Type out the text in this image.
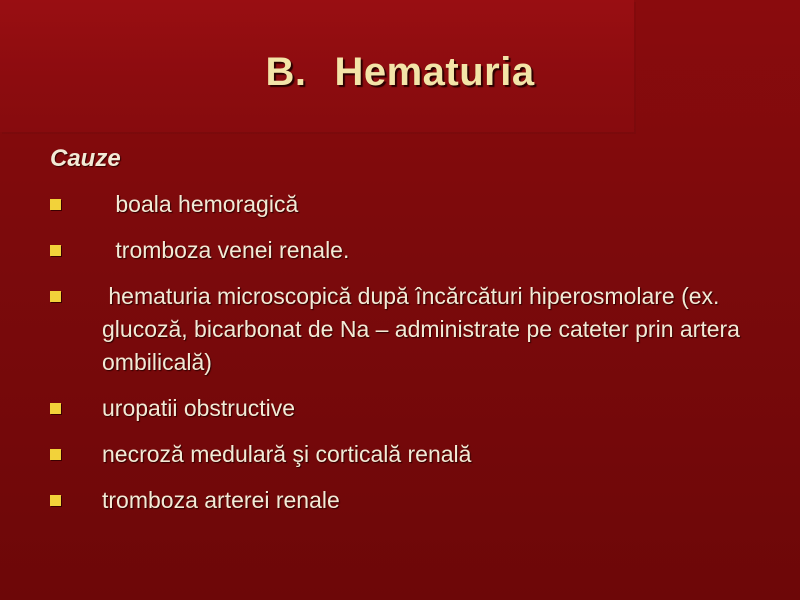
B. Hematuria
Cauze
boala hemoragică
tromboza venei renale.
hematuria microscopică după încărcături hiperosmolare (ex. glucoză, bicarbonat de Na – administrate pe cateter prin artera ombilicală)
uropatii obstructive
necroză medulară şi corticală renală
tromboza arterei renale
